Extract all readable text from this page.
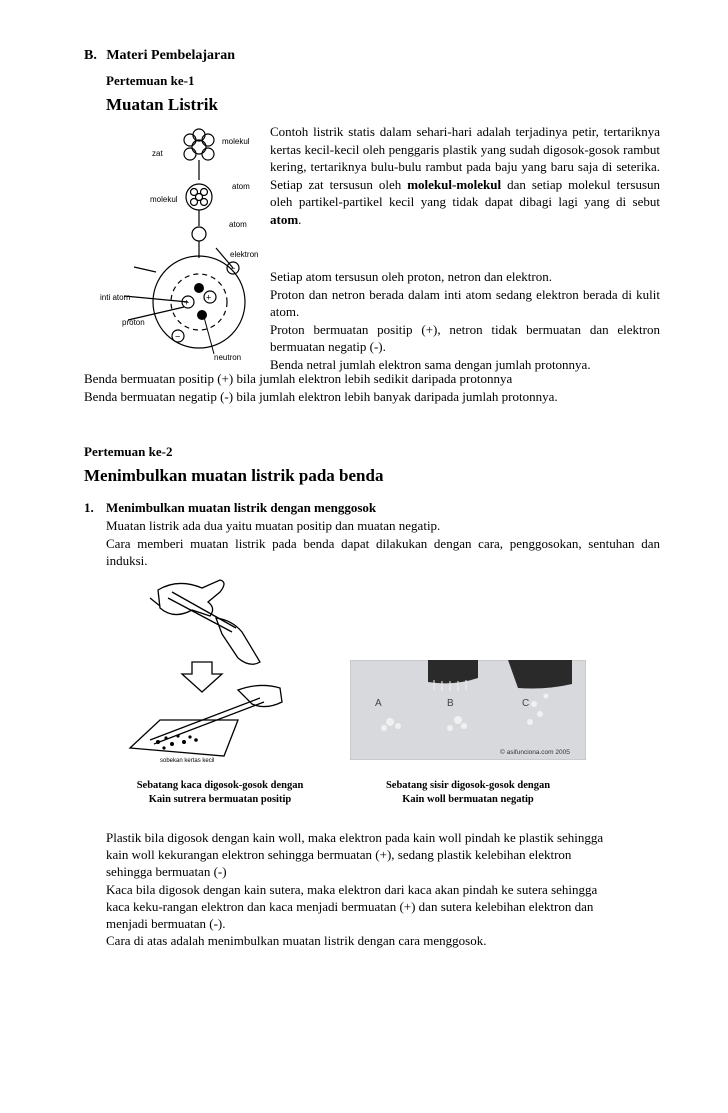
B. Materi Pembelajaran
Pertemuan ke-1
Muatan Listrik
+ +
−
−
zat
molekul
molekul
atom
atom
elektron
inti atom
proton
neutron
Contoh listrik statis dalam sehari-hari adalah terjadinya petir, tertariknya kertas kecil-kecil oleh penggaris plastik yang sudah digosok-gosok rambut kering, tertariknya bulu-bulu rambut pada baju yang baru saja di seterika. Setiap zat tersusun oleh molekul-molekul dan setiap molekul tersusun oleh partikel-partikel kecil yang tidak dapat dibagi lagi yang di sebut atom.
Setiap atom tersusun oleh proton, netron dan elektron.
Proton dan netron berada dalam inti atom sedang elektron berada di kulit atom.
Proton bermuatan positip (+), netron tidak bermuatan dan elektron bermuatan negatip (-).
Benda netral jumlah elektron sama dengan jumlah protonnya.
Benda bermuatan positip (+) bila jumlah elektron lebih sedikit daripada protonnya
Benda bermuatan negatip (-) bila jumlah elektron lebih banyak daripada jumlah protonnya.
Pertemuan ke-2
Menimbulkan muatan listrik pada benda
1. Menimbulkan muatan listrik dengan menggosok
Muatan listrik ada dua yaitu muatan positip dan muatan negatip.
Cara memberi muatan listrik pada benda dapat dilakukan dengan cara, penggosokan, sentuhan dan induksi.
sobekan kertas kecil
A	B	C
© asifunciona.com 2005
Sebatang kaca digosok-gosok dengan
Kain sutrera bermuatan positip
Sebatang sisir digosok-gosok dengan
Kain woll bermuatan negatip
Plastik bila digosok dengan kain woll, maka elektron pada kain woll pindah ke plastik sehingga
kain woll kekurangan elektron sehingga bermuatan (+), sedang plastik kelebihan elektron
sehingga bermuatan (-)
Kaca bila digosok dengan kain sutera, maka elektron dari kaca akan pindah ke sutera sehingga
kaca keku-rangan elektron dan kaca menjadi bermuatan (+) dan sutera kelebihan elektron dan
menjadi bermuatan (-).
Cara di atas adalah menimbulkan muatan listrik dengan cara menggosok.
